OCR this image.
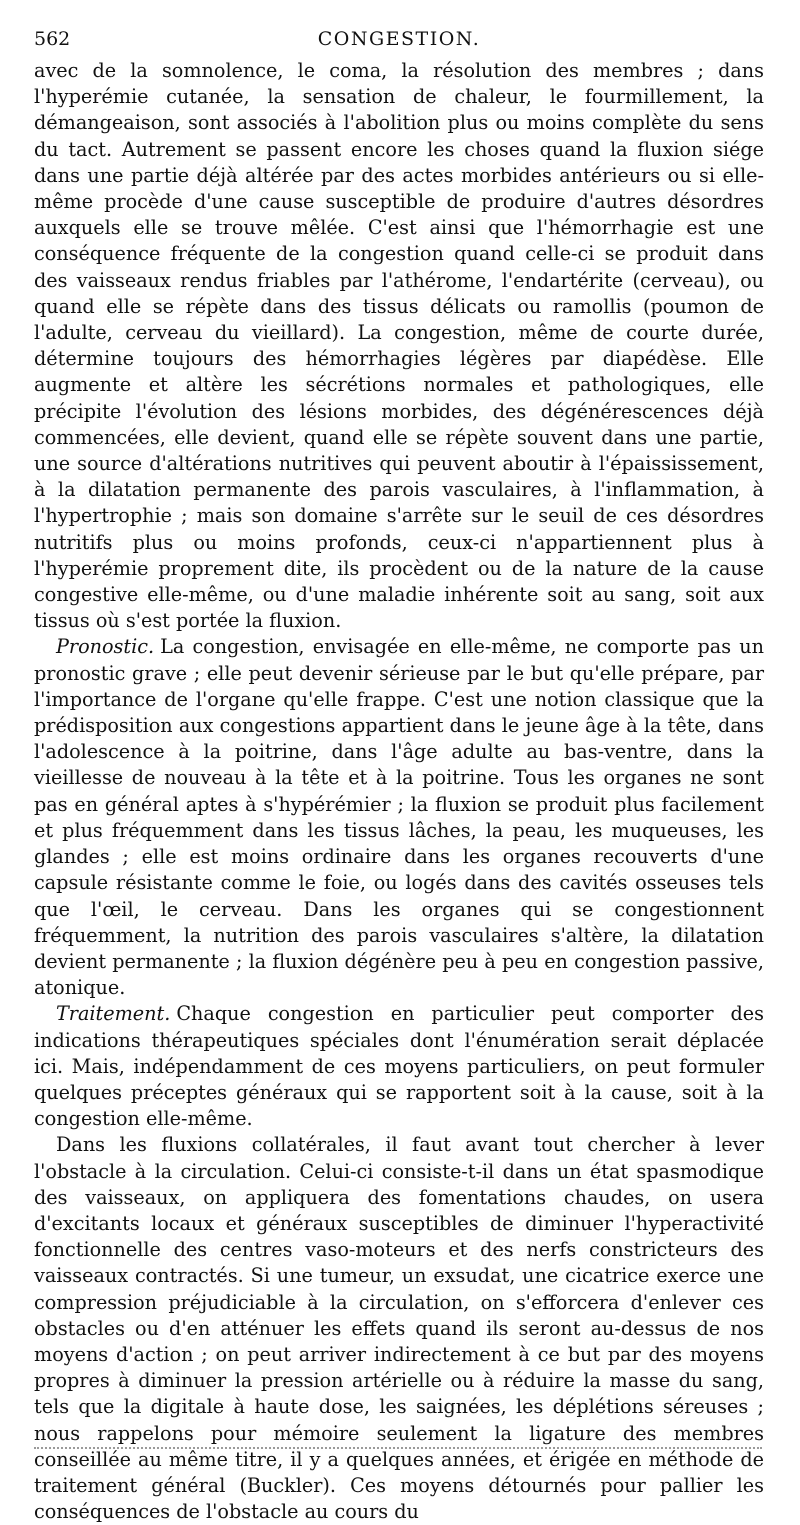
562	CONGESTION.

avec de la somnolence, le coma, la résolution des membres ; dans l'hyperémie cutanée, la sensation de chaleur, le fourmillement, la démangeaison, sont associés à l'abolition plus ou moins complète du sens du tact. Autrement se passent encore les choses quand la fluxion siége dans une partie déjà altérée par des actes morbides antérieurs ou si elle-même procède d'une cause susceptible de produire d'autres désordres auxquels elle se trouve mêlée. C'est ainsi que l'hémorrhagie est une conséquence fréquente de la congestion quand celle-ci se produit dans des vaisseaux rendus friables par l'athérome, l'endartérite (cerveau), ou quand elle se répète dans des tissus délicats ou ramollis (poumon de l'adulte, cerveau du vieillard). La congestion, même de courte durée, détermine toujours des hémorrhagies légères par diapédèse. Elle augmente et altère les sécrétions normales et pathologiques, elle précipite l'évolution des lésions morbides, des dégénérescences déjà commencées, elle devient, quand elle se répète souvent dans une partie, une source d'altérations nutritives qui peuvent aboutir à l'épaississement, à la dilatation permanente des parois vasculaires, à l'inflammation, à l'hypertrophie ; mais son domaine s'arrête sur le seuil de ces désordres nutritifs plus ou moins profonds, ceux-ci n'appartiennent plus à l'hyperémie proprement dite, ils procèdent ou de la nature de la cause congestive elle-même, ou d'une maladie inhérente soit au sang, soit aux tissus où s'est portée la fluxion.

Pronostic. La congestion, envisagée en elle-même, ne comporte pas un pronostic grave ; elle peut devenir sérieuse par le but qu'elle prépare, par l'importance de l'organe qu'elle frappe. C'est une notion classique que la prédisposition aux congestions appartient dans le jeune âge à la tête, dans l'adolescence à la poitrine, dans l'âge adulte au bas-ventre, dans la vieillesse de nouveau à la tête et à la poitrine. Tous les organes ne sont pas en général aptes à s'hypérémier ; la fluxion se produit plus facilement et plus fréquemment dans les tissus lâches, la peau, les muqueuses, les glandes ; elle est moins ordinaire dans les organes recouverts d'une capsule résistante comme le foie, ou logés dans des cavités osseuses tels que l'œil, le cerveau. Dans les organes qui se congestionnent fréquemment, la nutrition des parois vasculaires s'altère, la dilatation devient permanente ; la fluxion dégénère peu à peu en congestion passive, atonique.

Traitement. Chaque congestion en particulier peut comporter des indications thérapeutiques spéciales dont l'énumération serait déplacée ici. Mais, indépendamment de ces moyens particuliers, on peut formuler quelques préceptes généraux qui se rapportent soit à la cause, soit à la congestion elle-même.

Dans les fluxions collatérales, il faut avant tout chercher à lever l'obstacle à la circulation. Celui-ci consiste-t-il dans un état spasmodique des vaisseaux, on appliquera des fomentations chaudes, on usera d'excitants locaux et généraux susceptibles de diminuer l'hyperactivité fonctionnelle des centres vaso-moteurs et des nerfs constricteurs des vaisseaux contractés. Si une tumeur, un exsudat, une cicatrice exerce une compression préjudiciable à la circulation, on s'efforcera d'enlever ces obstacles ou d'en atténuer les effets quand ils seront au-dessus de nos moyens d'action ; on peut arriver indirectement à ce but par des moyens propres à diminuer la pression artérielle ou à réduire la masse du sang, tels que la digitale à haute dose, les saignées, les déplétions séreuses ; nous rappelons pour mémoire seulement la ligature des membres conseillée au même titre, il y a quelques années, et érigée en méthode de traitement général (Buckler). Ces moyens détournés pour pallier les conséquences de l'obstacle au cours du
